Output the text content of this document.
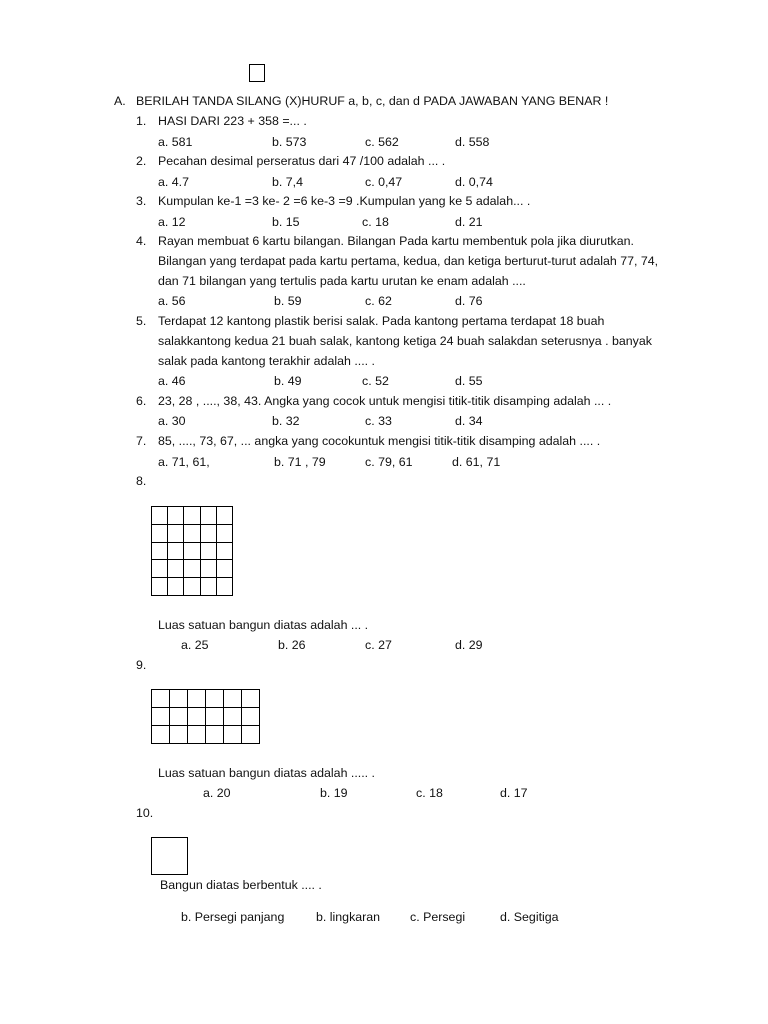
A. BERILAH TANDA SILANG (X)HURUF a, b, c, dan d PADA JAWABAN YANG BENAR !
1. HASI DARI 223 + 358 =... .
a. 581	b. 573	c. 562	d. 558
2. Pecahan desimal perseratus dari 47 /100 adalah ... .
a. 4.7	b. 7,4	c. 0,47	d. 0,74
3. Kumpulan ke-1 =3 ke- 2 =6 ke-3 =9 .Kumpulan yang ke 5 adalah... .
a. 12	b. 15	c. 18	d. 21
4. Rayan membuat 6 kartu bilangan. Bilangan Pada kartu membentuk pola jika diurutkan.
Bilangan yang terdapat pada kartu pertama, kedua, dan ketiga berturut-turut adalah 77, 74,
dan 71 bilangan yang tertulis pada kartu urutan ke enam adalah ....
a. 56	b. 59	c. 62	d. 76
5. Terdapat 12 kantong plastik berisi salak. Pada kantong pertama terdapat 18 buah
salakkantong kedua 21 buah salak, kantong ketiga 24 buah salakdan seterusnya . banyak
salak pada kantong terakhir adalah .... .
a. 46	b. 49	c. 52	d. 55
6. 23, 28 , ...., 38, 43. Angka yang cocok untuk mengisi titik-titik disamping adalah ... .
a. 30	b. 32	c. 33	d. 34
7. 85, ...., 73, 67, ... angka yang cocokuntuk mengisi titik-titik disamping adalah .... .
a. 71, 61,	b. 71 , 79	c. 79, 61	d. 61, 71
8.

Luas satuan bangun diatas adalah ... .
a. 25	b. 26	c. 27	d. 29
9.

Luas satuan bangun diatas adalah ..... .
a. 20	b. 19	c. 18	d. 17
10.
Bangun diatas berbentuk .... .
b. Persegi panjang	b. lingkaran c. Persegi	d. Segitiga
